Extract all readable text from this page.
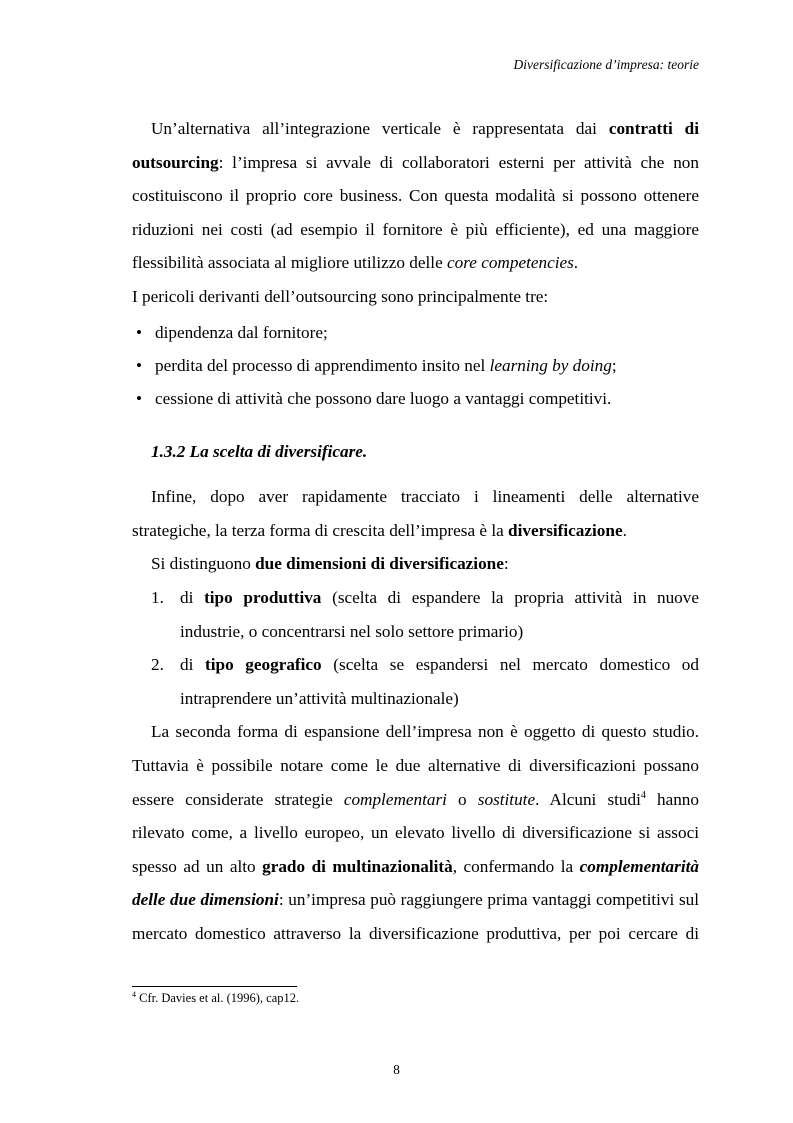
Diversificazione d’impresa: teorie

Un’alternativa all’integrazione verticale è rappresentata dai contratti di outsourcing: l’impresa si avvale di collaboratori esterni per attività che non costituiscono il proprio core business. Con questa modalità si possono ottenere riduzioni nei costi (ad esempio il fornitore è più efficiente), ed una maggiore flessibilità associata al migliore utilizzo delle core competencies.

I pericoli derivanti dell’outsourcing sono principalmente tre:

• dipendenza dal fornitore;
• perdita del processo di apprendimento insito nel learning by doing;
• cessione di attività che possono dare luogo a vantaggi competitivi.
1.3.2 La scelta di diversificare.

Infine, dopo aver rapidamente tracciato i lineamenti delle alternative strategiche, la terza forma di crescita dell’impresa è la diversificazione.

Si distinguono due dimensioni di diversificazione:

1. di tipo produttiva (scelta di espandere la propria attività in nuove industrie, o concentrarsi nel solo settore primario)
2. di tipo geografico (scelta se espandersi nel mercato domestico od intraprendere un’attività multinazionale)

La seconda forma di espansione dell’impresa non è oggetto di questo studio. Tuttavia è possibile notare come le due alternative di diversificazioni possano essere considerate strategie complementari o sostitute. Alcuni studi$^4$ hanno rilevato come, a livello europeo, un elevato livello di diversificazione si associ spesso ad un alto grado di multinazionalità, confermando la complementarità delle due dimensioni: un’impresa può raggiungere prima vantaggi competitivi sul mercato domestico attraverso la diversificazione produttiva, per poi cercare di

$^4$ Cfr. Davies et al. (1996), cap12.
8
